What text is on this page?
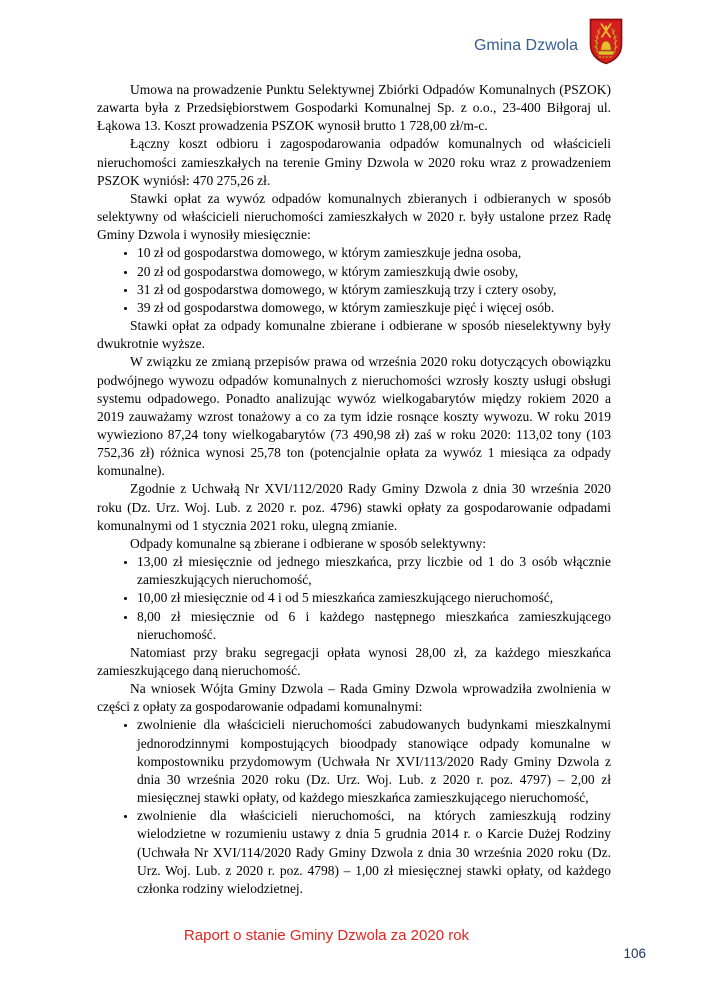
Gmina Dzwola

Umowa na prowadzenie Punktu Selektywnej Zbiórki Odpadów Komunalnych (PSZOK) zawarta była z Przedsiębiorstwem Gospodarki Komunalnej Sp. z o.o., 23-400 Biłgoraj ul. Łąkowa 13. Koszt prowadzenia PSZOK wynosił brutto 1 728,00 zł/m-c.

Łączny koszt odbioru i zagospodarowania odpadów komunalnych od właścicieli nieruchomości zamieszkałych na terenie Gminy Dzwola w 2020 roku wraz z prowadzeniem PSZOK wyniósł: 470 275,26 zł.

Stawki opłat za wywóz odpadów komunalnych zbieranych i odbieranych w sposób selektywny od właścicieli nieruchomości zamieszkałych w 2020 r. były ustalone przez Radę Gminy Dzwola i wynosiły miesięcznie:

• 10 zł od gospodarstwa domowego, w którym zamieszkuje jedna osoba,
• 20 zł od gospodarstwa domowego, w którym zamieszkują dwie osoby,
• 31 zł od gospodarstwa domowego, w którym zamieszkują trzy i cztery osoby,
• 39 zł od gospodarstwa domowego, w którym zamieszkuje pięć i więcej osób.

Stawki opłat za odpady komunalne zbierane i odbierane w sposób nieselektywny były dwukrotnie wyższe.

W związku ze zmianą przepisów prawa od września 2020 roku dotyczących obowiązku podwójnego wywozu odpadów komunalnych z nieruchomości wzrosły koszty usługi obsługi systemu odpadowego. Ponadto analizując wywóz wielkogabarytów między rokiem 2020 a 2019 zauważamy wzrost tonażowy a co za tym idzie rosnące koszty wywozu. W roku 2019 wywieziono 87,24 tony wielkogabarytów (73 490,98 zł) zaś w roku 2020: 113,02 tony (103 752,36 zł) różnica wynosi 25,78 ton (potencjalnie opłata za wywóz 1 miesiąca za odpady komunalne).

Zgodnie z Uchwałą Nr XVI/112/2020 Rady Gminy Dzwola z dnia 30 września 2020 roku (Dz. Urz. Woj. Lub. z 2020 r. poz. 4796) stawki opłaty za gospodarowanie odpadami komunalnymi od 1 stycznia 2021 roku, ulegną zmianie.

Odpady komunalne są zbierane i odbierane w sposób selektywny:

• 13,00 zł miesięcznie od jednego mieszkańca, przy liczbie od 1 do 3 osób włącznie zamieszkujących nieruchomość,
• 10,00 zł miesięcznie od 4 i od 5 mieszkańca zamieszkującego nieruchomość,
• 8,00 zł miesięcznie od 6 i każdego następnego mieszkańca zamieszkującego nieruchomość.

Natomiast przy braku segregacji opłata wynosi 28,00 zł, za każdego mieszkańca zamieszkującego daną nieruchomość.

Na wniosek Wójta Gminy Dzwola – Rada Gminy Dzwola wprowadziła zwolnienia w części z opłaty za gospodarowanie odpadami komunalnymi:

• zwolnienie dla właścicieli nieruchomości zabudowanych budynkami mieszkalnymi jednorodzinnymi kompostujących bioodpady stanowiące odpady komunalne w kompostowniku przydomowym (Uchwała Nr XVI/113/2020 Rady Gminy Dzwola z dnia 30 września 2020 roku (Dz. Urz. Woj. Lub. z 2020 r. poz. 4797) – 2,00 zł miesięcznej stawki opłaty, od każdego mieszkańca zamieszkującego nieruchomość,
• zwolnienie dla właścicieli nieruchomości, na których zamieszkują rodziny wielodzietne w rozumieniu ustawy z dnia 5 grudnia 2014 r. o Karcie Dużej Rodziny (Uchwała Nr XVI/114/2020 Rady Gminy Dzwola z dnia 30 września 2020 roku (Dz. Urz. Woj. Lub. z 2020 r. poz. 4798) – 1,00 zł miesięcznej stawki opłaty, od każdego członka rodziny wielodzietnej.
Raport o stanie Gminy Dzwola za 2020 rok
106
